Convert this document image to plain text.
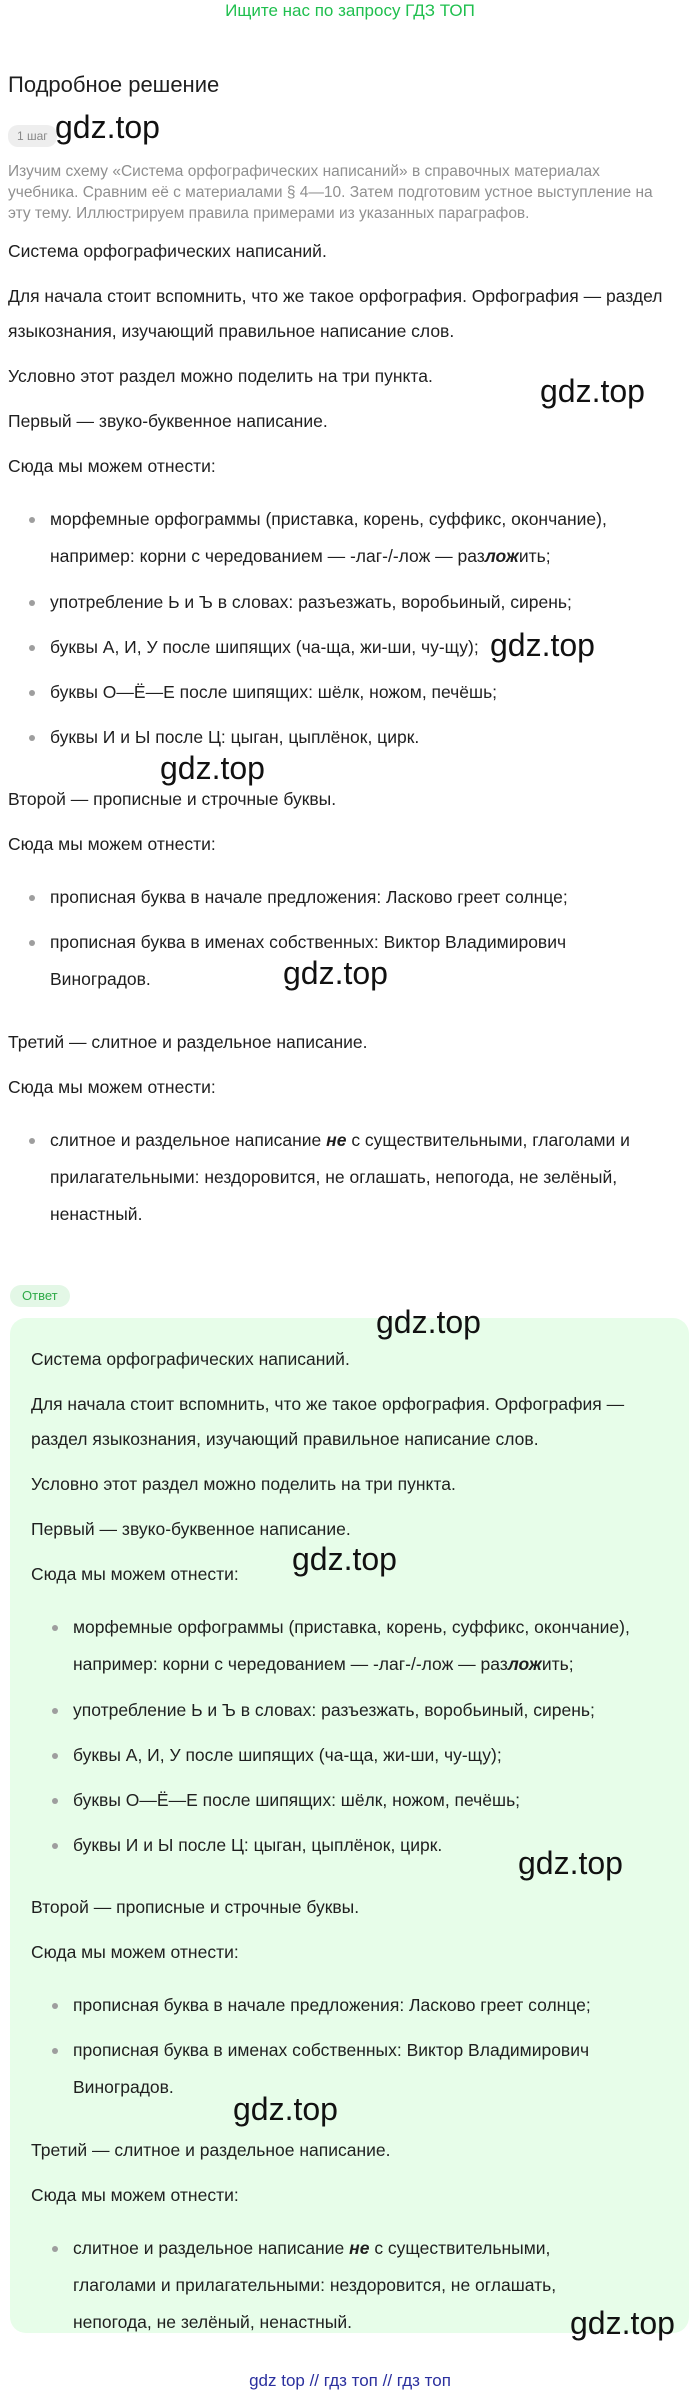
Ищите нас по запросу ГДЗ ТОП
Подробное решение
1 шаг gdz.top
gdz.top
gdz.top
gdz.top
gdz.top
Изучим схему «Система орфографических написаний» в справочных материалах
учебника. Сравним её с материалами § 4—10. Затем подготовим устное выступление на
эту тему. Иллюстрируем правила примерами из указанных параграфов.
Система орфографических написаний.
Для начала стоит вспомнить, что же такое орфография. Орфография — раздел
языкознания, изучающий правильное написание слов.
Условно этот раздел можно поделить на три пункта.
Первый — звуко-буквенное написание.
Сюда мы можем отнести:
морфемные орфограммы (приставка, корень, суффикс, окончание),
например: корни с чередованием — -лаг-/-лож — разложить;
употребление Ь и Ъ в словах: разъезжать, воробьиный, сирень;
буквы А, И, У после шипящих (ча-ща, жи-ши, чу-щу);
буквы О—Ё—Е после шипящих: шёлк, ножом, печёшь;
буквы И и Ы после Ц: цыган, цыплёнок, цирк.
Второй — прописные и строчные буквы.
Сюда мы можем отнести:
прописная буква в начале предложения: Ласково греет солнце;
прописная буква в именах собственных: Виктор Владимирович
Виноградов.
Третий — слитное и раздельное написание.
Сюда мы можем отнести:
слитное и раздельное написание не с существительными, глаголами и
прилагательными: нездоровится, не оглашать, непогода, не зелёный,
ненастный.
Ответ
gdz.top
gdz.top
gdz.top
gdz.top
gdz.top
Система орфографических написаний.
Для начала стоит вспомнить, что же такое орфография. Орфография —
раздел языкознания, изучающий правильное написание слов.
Условно этот раздел можно поделить на три пункта.
Первый — звуко-буквенное написание.
Сюда мы можем отнести:
морфемные орфограммы (приставка, корень, суффикс, окончание),
например: корни с чередованием — -лаг-/-лож — разложить;
употребление Ь и Ъ в словах: разъезжать, воробьиный, сирень;
буквы А, И, У после шипящих (ча-ща, жи-ши, чу-щу);
буквы О—Ё—Е после шипящих: шёлк, ножом, печёшь;
буквы И и Ы после Ц: цыган, цыплёнок, цирк.
Второй — прописные и строчные буквы.
Сюда мы можем отнести:
прописная буква в начале предложения: Ласково греет солнце;
прописная буква в именах собственных: Виктор Владимирович
Виноградов.
Третий — слитное и раздельное написание.
Сюда мы можем отнести:
слитное и раздельное написание не с существительными,
глаголами и прилагательными: нездоровится, не оглашать,
непогода, не зелёный, ненастный.
gdz top // гдз топ // гдз топ
